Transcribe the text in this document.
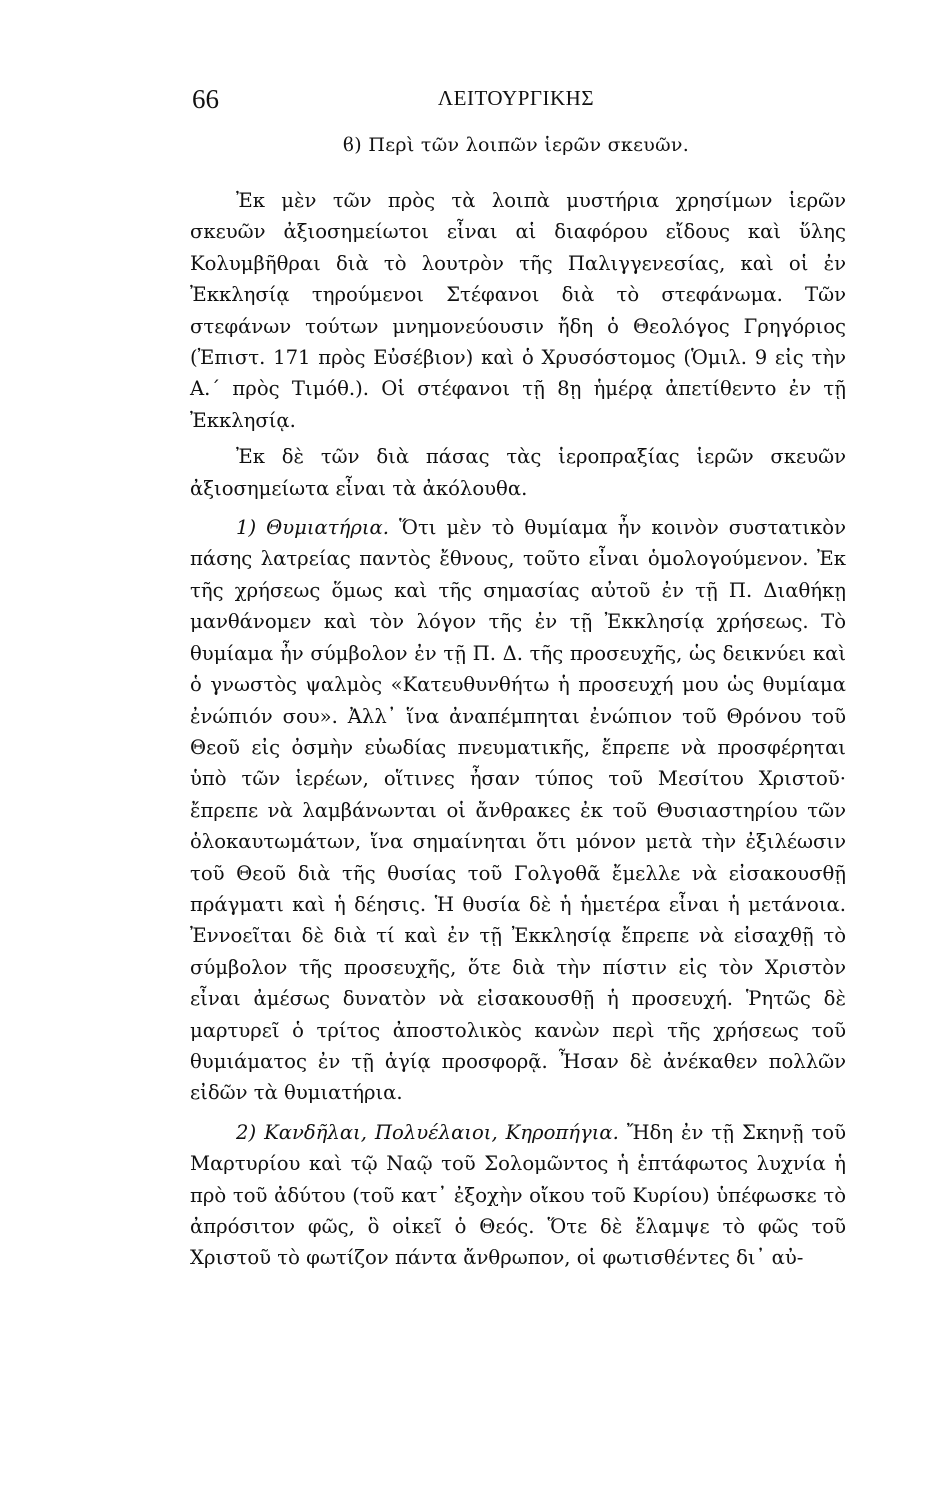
66	ΛΕΙΤΟΥΡΓΙΚΗΣ
ϐ) Περὶ τῶν λοιπῶν ἱερῶν σκευῶν.

Ἐκ μὲν τῶν πρὸς τὰ λοιπὰ μυστήρια χρησίμων ἱερῶν σκευῶν ἀξιοσημείωτοι εἶναι αἱ διαφόρου εἴδους καὶ ὕλης Κολυμβῆθραι διὰ τὸ λουτρὸν τῆς Παλιγγενεσίας, καὶ οἱ ἐν Ἐκκλησίᾳ τηρούμενοι Στέφανοι διὰ τὸ στεφάνωμα. Τῶν στεφάνων τούτων μνημονεύουσιν ἤδη ὁ Θεολόγος Γρηγόριος (Ἐπιστ. 171 πρὸς Εὐσέβιον) καὶ ὁ Χρυσόστομος (Ὁμιλ. 9 εἰς τὴν Α.΄ πρὸς Τιμόθ.). Οἱ στέφανοι τῇ 8ῃ ἡμέρᾳ ἀπετίθεντο ἐν τῇ Ἐκκλησίᾳ.

Ἐκ δὲ τῶν διὰ πάσας τὰς ἱεροπραξίας ἱερῶν σκευῶν ἀξιοσημείωτα εἶναι τὰ ἀκόλουθα.

1) Θυμιατήρια. Ὅτι μὲν τὸ θυμίαμα ἦν κοινὸν συστατικὸν πάσης λατρείας παντὸς ἔθνους, τοῦτο εἶναι ὁμολογούμενον. Ἐκ τῆς χρήσεως ὅμως καὶ τῆς σημασίας αὐτοῦ ἐν τῇ Π. Διαθήκῃ μανθάνομεν καὶ τὸν λόγον τῆς ἐν τῇ Ἐκκλησίᾳ χρήσεως. Τὸ θυμίαμα ἦν σύμβολον ἐν τῇ Π. Δ. τῆς προσευχῆς, ὡς δεικνύει καὶ ὁ γνωστὸς ψαλμὸς «Κατευθυνθήτω ἡ προσευχή μου ὡς θυμίαμα ἐνώπιόν σου». Ἀλλ᾽ ἵνα ἀναπέμπηται ἐνώπιον τοῦ Θρόνου τοῦ Θεοῦ εἰς ὀσμὴν εὐωδίας πνευματικῆς, ἔπρεπε νὰ προσφέρηται ὑπὸ τῶν ἱερέων, οἵτινες ἦσαν τύπος τοῦ Μεσίτου Χριστοῦ· ἔπρεπε νὰ λαμβάνωνται οἱ ἄνθρακες ἐκ τοῦ Θυσιαστηρίου τῶν ὁλοκαυτωμάτων, ἵνα σημαίνηται ὅτι μόνον μετὰ τὴν ἐξιλέωσιν τοῦ Θεοῦ διὰ τῆς θυσίας τοῦ Γολγοθᾶ ἔμελλε νὰ εἰσακουσθῇ πράγματι καὶ ἡ δέησις. Ἡ θυσία δὲ ἡ ἡμετέρα εἶναι ἡ μετάνοια. Ἐννοεῖται δὲ διὰ τί καὶ ἐν τῇ Ἐκκλησίᾳ ἔπρεπε νὰ εἰσαχθῇ τὸ σύμβολον τῆς προσευχῆς, ὅτε διὰ τὴν πίστιν εἰς τὸν Χριστὸν εἶναι ἀμέσως δυνατὸν νὰ εἰσακουσθῇ ἡ προσευχή. Ῥητῶς δὲ μαρτυρεῖ ὁ τρίτος ἀποστολικὸς κανὼν περὶ τῆς χρήσεως τοῦ θυμιάματος ἐν τῇ ἁγίᾳ προσφορᾷ. Ἦσαν δὲ ἀνέκαθεν πολλῶν εἰδῶν τὰ θυμιατήρια.

2) Κανδῆλαι, Πολυέλαιοι, Κηροπήγια. Ἤδη ἐν τῇ Σκηνῇ τοῦ Μαρτυρίου καὶ τῷ Ναῷ τοῦ Σολομῶντος ἡ ἑπτάφωτος λυχνία ἡ πρὸ τοῦ ἀδύτου (τοῦ κατ᾽ ἐξοχὴν οἴκου τοῦ Κυρίου) ὑπέφωσκε τὸ ἀπρόσιτον φῶς, ὃ οἰκεῖ ὁ Θεός. Ὅτε δὲ ἔλαμψε τὸ φῶς τοῦ Χριστοῦ τὸ φωτίζον πάντα ἄνθρωπον, οἱ φωτισθέντες δι᾽ αὐ-
